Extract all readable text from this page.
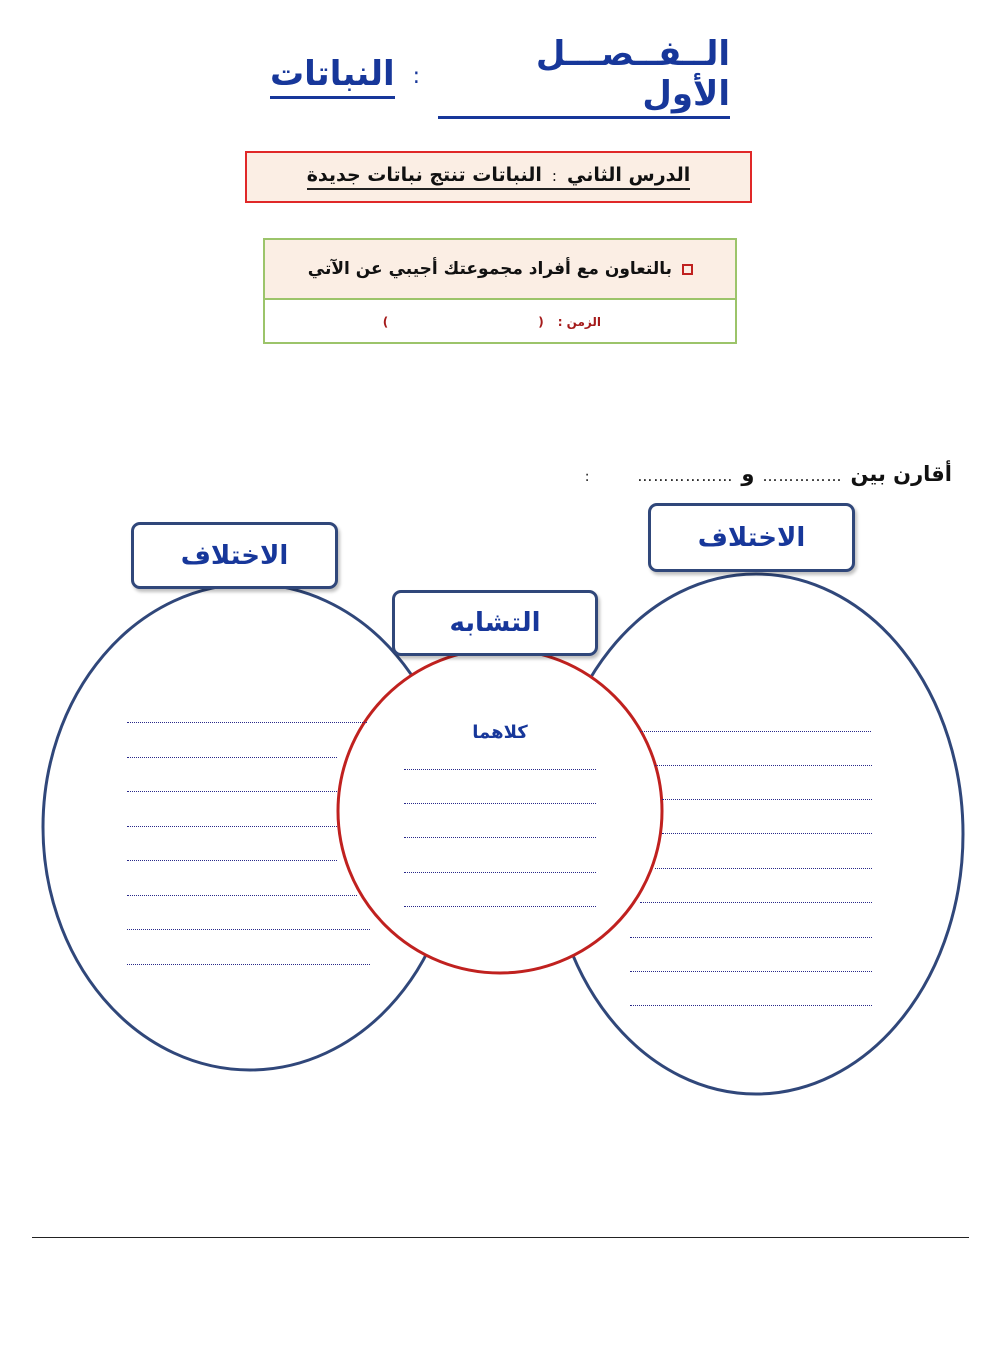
الــفــصـــل الأول
:
النباتات
الدرس الثاني
:
النباتات تنتج نباتات جديدة
بالتعاون مع أفراد مجموعتك أجيبي عن الآتي
الزمن :
(
)
أقارن بين
……………
و
………………
:
الاختلاف
التشابه
الاختلاف
كلاهما
